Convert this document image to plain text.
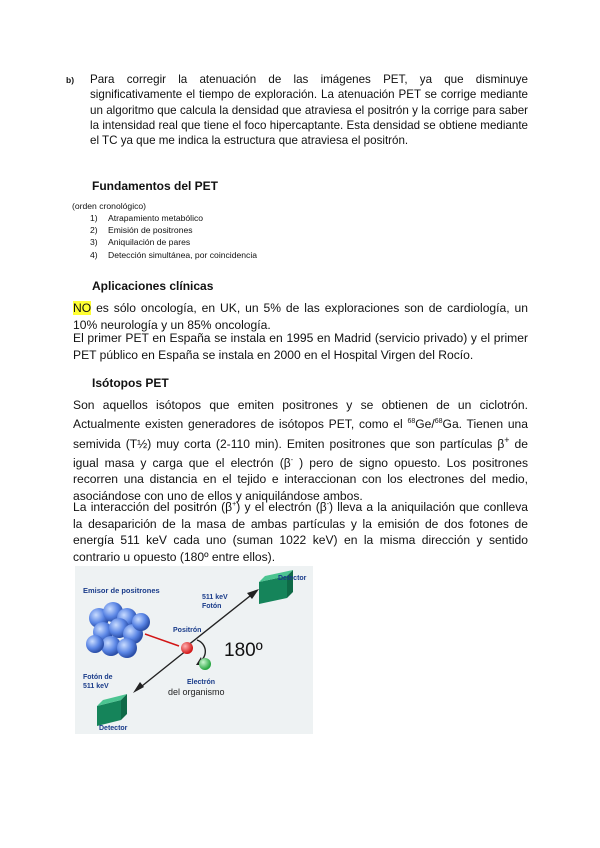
b) Para corregir la atenuación de las imágenes PET, ya que disminuye significativamente el tiempo de exploración. La atenuación PET se corrige mediante un algoritmo que calcula la densidad que atraviesa el positrón y la corrige para saber la intensidad real que tiene el foco hipercaptante. Esta densidad se obtiene mediante el TC ya que me indica la estructura que atraviesa el positrón.
Fundamentos del PET
(orden cronológico)
1) Atrapamiento metabólico
2) Emisión de positrones
3) Aniquilación de pares
4) Detección simultánea, por coincidencia
Aplicaciones clínicas
NO es sólo oncología, en UK, un 5% de las exploraciones son de cardiología, un 10% neurología y un 85% oncología.
El primer PET en España se instala en 1995 en Madrid (servicio privado) y el primer PET público en España se instala en 2000 en el Hospital Virgen del Rocío.
Isótopos PET
Son aquellos isótopos que emiten positrones y se obtienen de un ciclotrón. Actualmente existen generadores de isótopos PET, como el $^{68}$Ge/$^{68}$Ga. Tienen una semivida (T½) muy corta (2-110 min). Emiten positrones que son partículas β+ de igual masa y carga que el electrón (β- ) pero de signo opuesto. Los positrones recorren una distancia en el tejido e interaccionan con los electrones del medio, asociándose con uno de ellos y aniquilándose ambos.
La interacción del positrón (β+) y el electrón (β-) lleva a la aniquilación que conlleva la desaparición de la masa de ambas partículas y la emisión de dos fotones de energía 511 keV cada uno (suman 1022 keV) en la misma dirección y sentido contrario u opuesto (180º entre ellos).
Emisor de positrones
511 keV
Fotón
Detector
Positrón
180º
Electrón
del organismo
Fotón de
511 keV
Detector
